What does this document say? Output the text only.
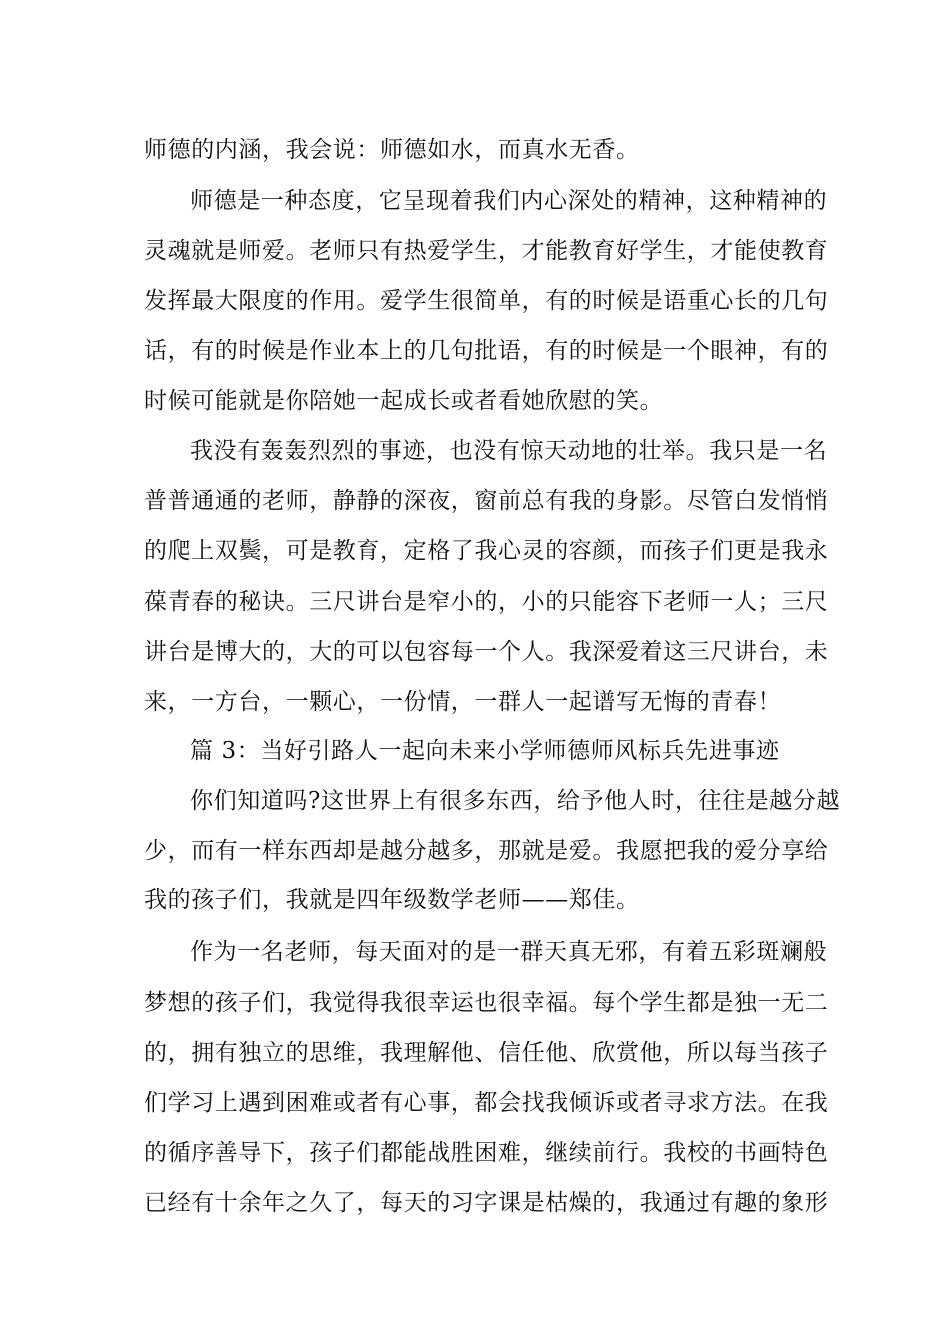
师德的内涵，我会说：师德如水，而真水无香。
师德是一种态度，它呈现着我们内心深处的精神，这种精神的
灵魂就是师爱。老师只有热爱学生，才能教育好学生，才能使教育
发挥最大限度的作用。爱学生很简单，有的时候是语重心长的几句
话，有的时候是作业本上的几句批语，有的时候是一个眼神，有的
时候可能就是你陪她一起成长或者看她欣慰的笑。
我没有轰轰烈烈的事迹，也没有惊天动地的壮举。我只是一名
普普通通的老师，静静的深夜，窗前总有我的身影。尽管白发悄悄
的爬上双鬓，可是教育，定格了我心灵的容颜，而孩子们更是我永
葆青春的秘诀。三尺讲台是窄小的，小的只能容下老师一人；三尺
讲台是博大的，大的可以包容每一个人。我深爱着这三尺讲台，未
来，一方台，一颗心，一份情，一群人一起谱写无悔的青春！
篇 3：当好引路人一起向未来小学师德师风标兵先进事迹
你们知道吗?这世界上有很多东西，给予他人时，往往是越分越
少，而有一样东西却是越分越多，那就是爱。我愿把我的爱分享给
我的孩子们，我就是四年级数学老师——郑佳。
作为一名老师，每天面对的是一群天真无邪，有着五彩斑斓般
梦想的孩子们，我觉得我很幸运也很幸福。每个学生都是独一无二
的，拥有独立的思维，我理解他、信任他、欣赏他，所以每当孩子
们学习上遇到困难或者有心事，都会找我倾诉或者寻求方法。在我
的循序善导下，孩子们都能战胜困难，继续前行。我校的书画特色
已经有十余年之久了，每天的习字课是枯燥的，我通过有趣的象形
